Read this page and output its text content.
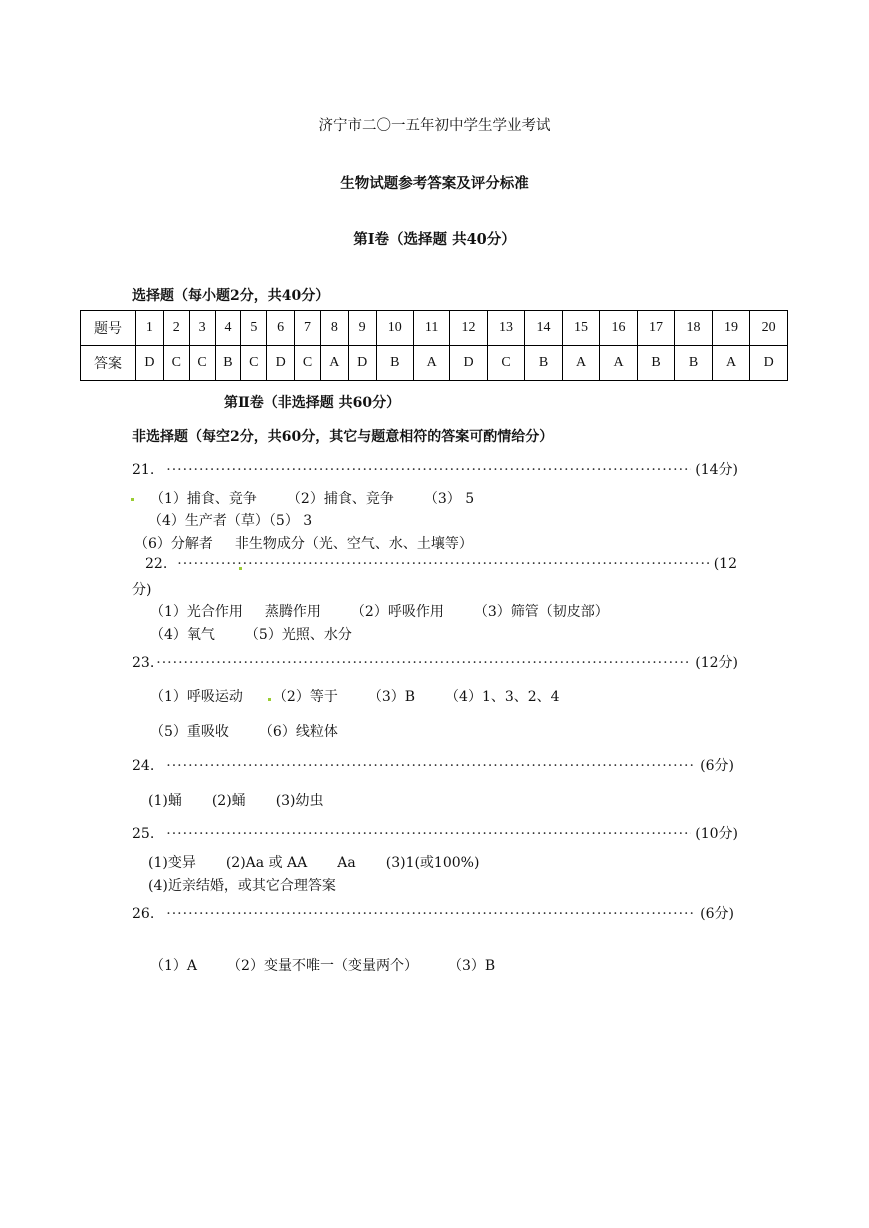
济宁市二〇一五年初中学生学业考试
生物试题参考答案及评分标准
第Ⅰ卷（选择题 共40分）
选择题（每小题2分，共40分）
题号	1	2	3	4	5	6	7	8	9	10	11	12	13	14	15	16	17	18	19	20
答案	D	C	C	B	C	D	C	A	D	B	A	D	C	B	A	A	B	B	A	D
第Ⅱ卷（非选择题 共60分）
非选择题（每空2分，共60分，其它与题意相符的答案可酌情给分）
21. ·····	(14分)
（1）捕食、竞争 （2）捕食、竞争 （3） 5
（4）生产者（草）（5） 3
（6）分解者 非生物成分（光、空气、水、土壤等）
22. ·····	(12
分)
（1）光合作用 蒸腾作用 （2）呼吸作用 （3）筛管（韧皮部）
（4）氧气 （5）光照、水分
23. ·····	(12分)
（1）呼吸运动 （2）等于 （3）B （4）1、3、2、4
（5）重吸收 （6）线粒体
24. ·····	(6分)
(1)蛹 (2)蛹 (3)幼虫
25. ·····	(10分)
(1)变异 (2)Aa 或 AA Aa (3)1(或100%)
(4)近亲结婚，或其它合理答案
26. ·····	(6分)
（1）A （2）变量不唯一（变量两个） （3）B
